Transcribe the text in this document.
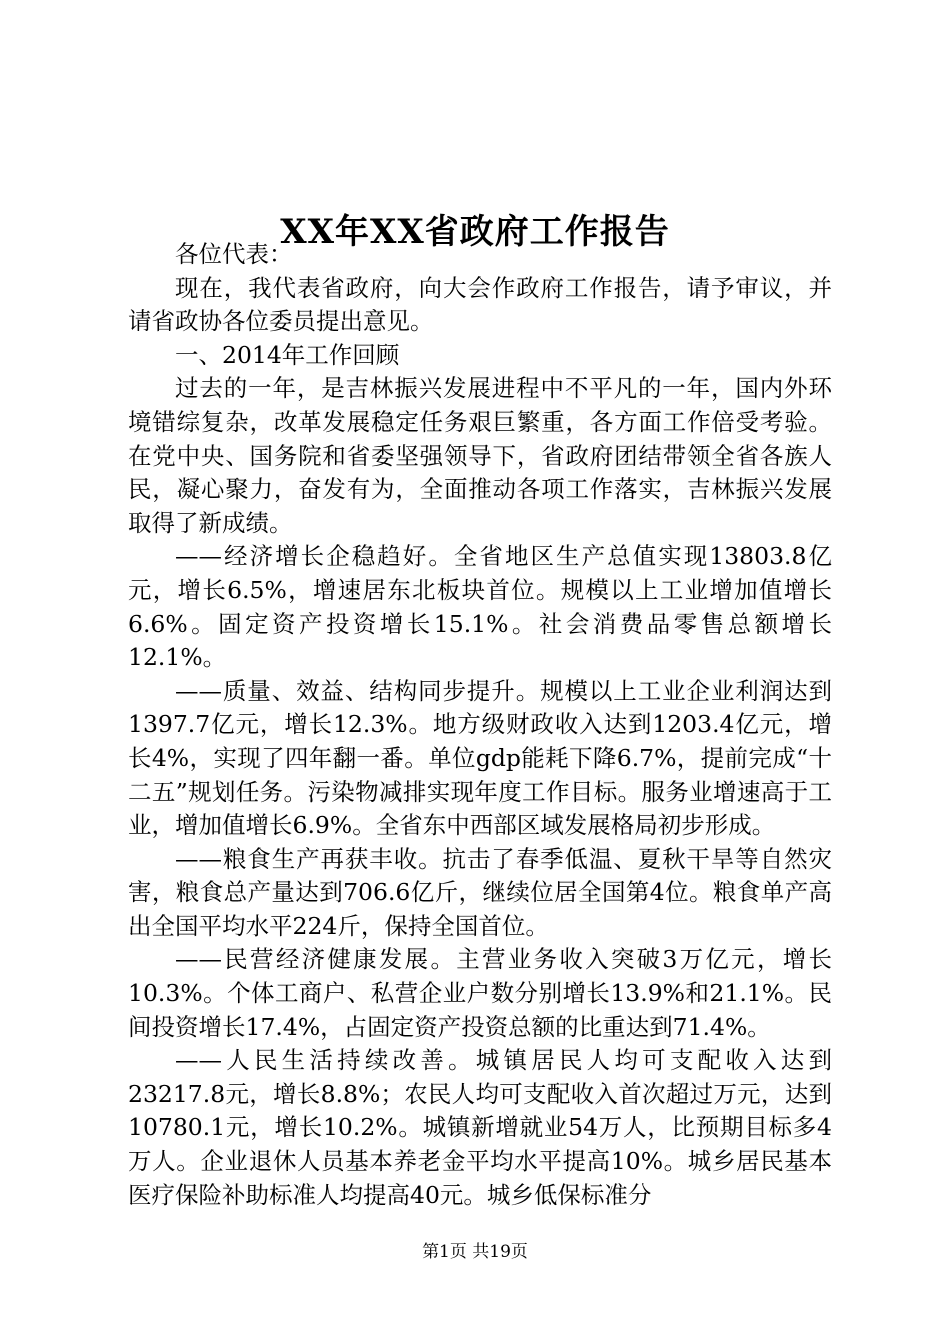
XX年XX省政府工作报告

各位代表：

现在，我代表省政府，向大会作政府工作报告，请予审议，并请省政协各位委员提出意见。

一、2014年工作回顾

过去的一年，是吉林振兴发展进程中不平凡的一年，国内外环境错综复杂，改革发展稳定任务艰巨繁重，各方面工作倍受考验。在党中央、国务院和省委坚强领导下，省政府团结带领全省各族人民，凝心聚力，奋发有为，全面推动各项工作落实，吉林振兴发展取得了新成绩。

——经济增长企稳趋好。全省地区生产总值实现13803.8亿元，增长6.5%，增速居东北板块首位。规模以上工业增加值增长6.6%。固定资产投资增长15.1%。社会消费品零售总额增长12.1%。

——质量、效益、结构同步提升。规模以上工业企业利润达到1397.7亿元，增长12.3%。地方级财政收入达到1203.4亿元，增长4%，实现了四年翻一番。单位gdp能耗下降6.7%，提前完成“十二五”规划任务。污染物减排实现年度工作目标。服务业增速高于工业，增加值增长6.9%。全省东中西部区域发展格局初步形成。

——粮食生产再获丰收。抗击了春季低温、夏秋干旱等自然灾害，粮食总产量达到706.6亿斤，继续位居全国第4位。粮食单产高出全国平均水平224斤，保持全国首位。

——民营经济健康发展。主营业务收入突破3万亿元，增长10.3%。个体工商户、私营企业户数分别增长13.9%和21.1%。民间投资增长17.4%，占固定资产投资总额的比重达到71.4%。

——人民生活持续改善。城镇居民人均可支配收入达到23217.8元，增长8.8%；农民人均可支配收入首次超过万元，达到10780.1元，增长10.2%。城镇新增就业54万人，比预期目标多4万人。企业退休人员基本养老金平均水平提高10%。城乡居民基本医疗保险补助标准人均提高40元。城乡低保标准分

第1页 共19页
